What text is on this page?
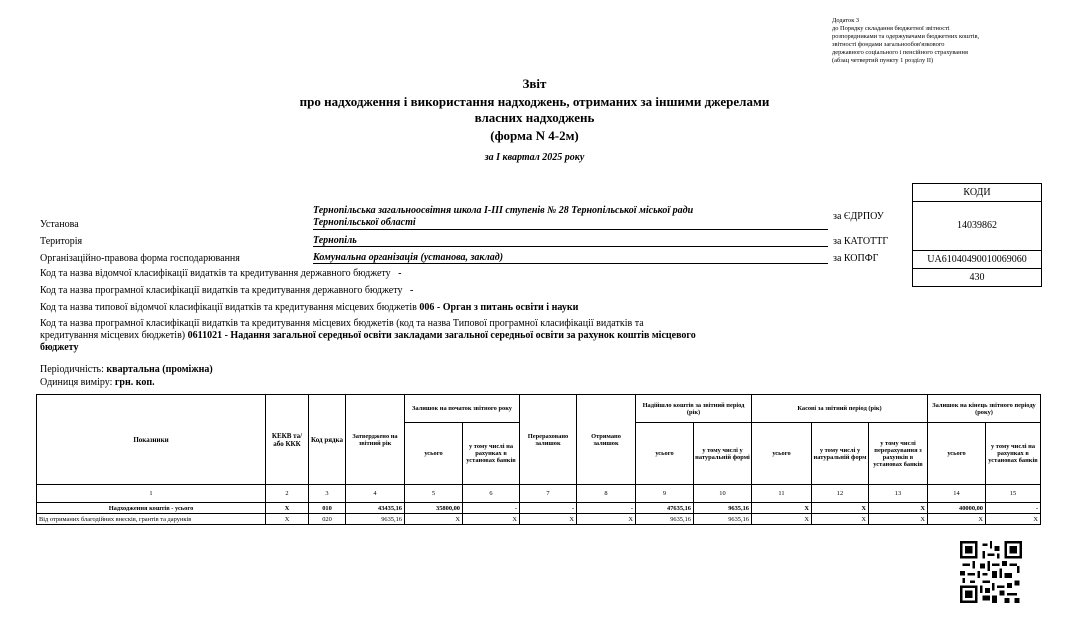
Додаток 3
до Порядку складання бюджетної звітності
розпорядниками та одержувачами бюджетних коштів,
звітності фондами загальнообов'язкового
державного соціального і пенсійного страхування
(абзац четвертий пункту 1 розділу II)
Звіт
про надходження і використання надходжень, отриманих за іншими джерелами
власних надходжень
(форма N 4-2м)
за I квартал 2025 року
КОДИ
14039862
UA61040490010069060
430
за ЄДРПОУ
за КАТОТТГ
за КОПФГ
Установа
Тернопільська загальноосвітня школа І-ІІІ ступенів № 28 Тернопільської міської ради
Тернопільської області
Територія	Тернопіль
Організаційно-правова форма господарювання	Комунальна організація (установа, заклад)
Код та назва відомчої класифікації видатків та кредитування державного бюджету -
Код та назва програмної класифікації видатків та кредитування державного бюджету -
Код та назва типової відомчої класифікації видатків та кредитування місцевих бюджетів 006 - Орган з питань освіти і науки
Код та назва програмної класифікації видатків та кредитування місцевих бюджетів (код та назва Типової програмної класифікації видатків та
кредитування місцевих бюджетів) 0611021 - Надання загальної середньої освіти закладами загальної середньої освіти за рахунок коштів місцевого
бюджету
Періодичність: квартальна (проміжна)
Одиниця виміру: грн. коп.
Показники	КЕКВ та/або ККК	Код рядка	Затверджено на звітний рік	Залишок на початок звітного року		Перераховано залишок	Отримано залишок	Надійшло коштів за звітний період (рік)		Касові за звітний період (рік)			Залишок на кінець звітного періоду (року)	
				усього	у тому числі на рахунках в установах банків			усього	у тому числі у натуральній формі	усього	у тому числі у натуральній форм	у тому числі перерахування з рахунків в установах банків	усього	у тому числі на рахунках в установах банків
1	2	3	4	5	6	7	8	9	10	11	12	13	14	15
Надходження коштів - усього	Х	010	43435,16	35800,00	-	-	-	47635,16	9635,16	Х	Х	Х	40000,00	-
Від отриманих благодійних внесків, грантів та дарунків	Х	020	9635,16	Х	Х	Х	Х	9635,16	9635,16	Х	Х	Х	Х	Х
